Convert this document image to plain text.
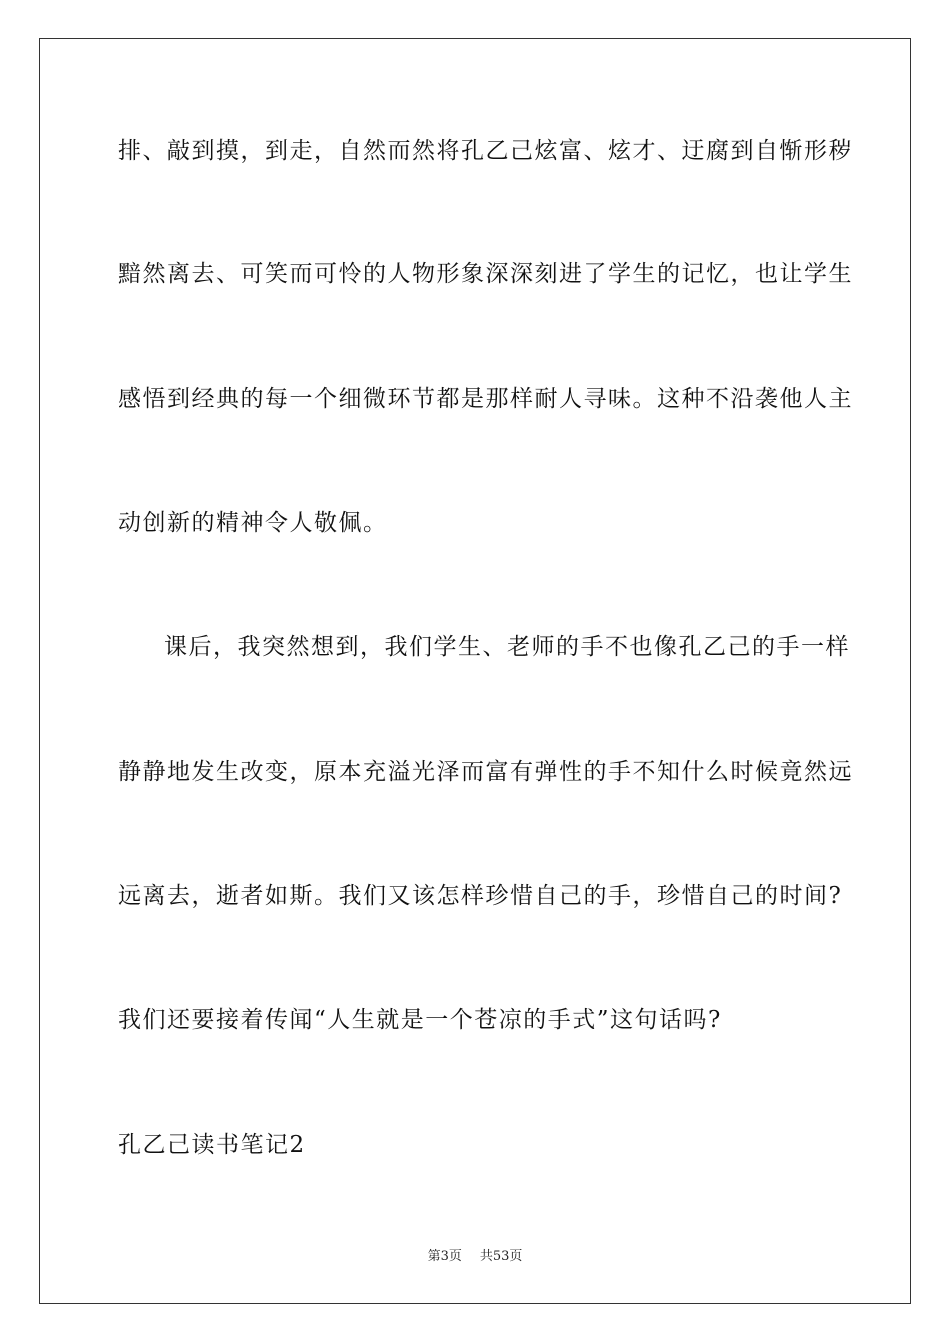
排、敲到摸，到走，自然而然将孔乙己炫富、炫才、迂腐到自惭形秽
黯然离去、可笑而可怜的人物形象深深刻进了学生的记忆，也让学生
感悟到经典的每一个细微环节都是那样耐人寻味。这种不沿袭他人主
动创新的精神令人敬佩。
课后，我突然想到，我们学生、老师的手不也像孔乙己的手一样
静静地发生改变，原本充溢光泽而富有弹性的手不知什么时候竟然远
远离去，逝者如斯。我们又该怎样珍惜自己的手，珍惜自己的时间?
我们还要接着传闻“人生就是一个苍凉的手式”这句话吗?
孔乙己读书笔记2
第3页 共53页
